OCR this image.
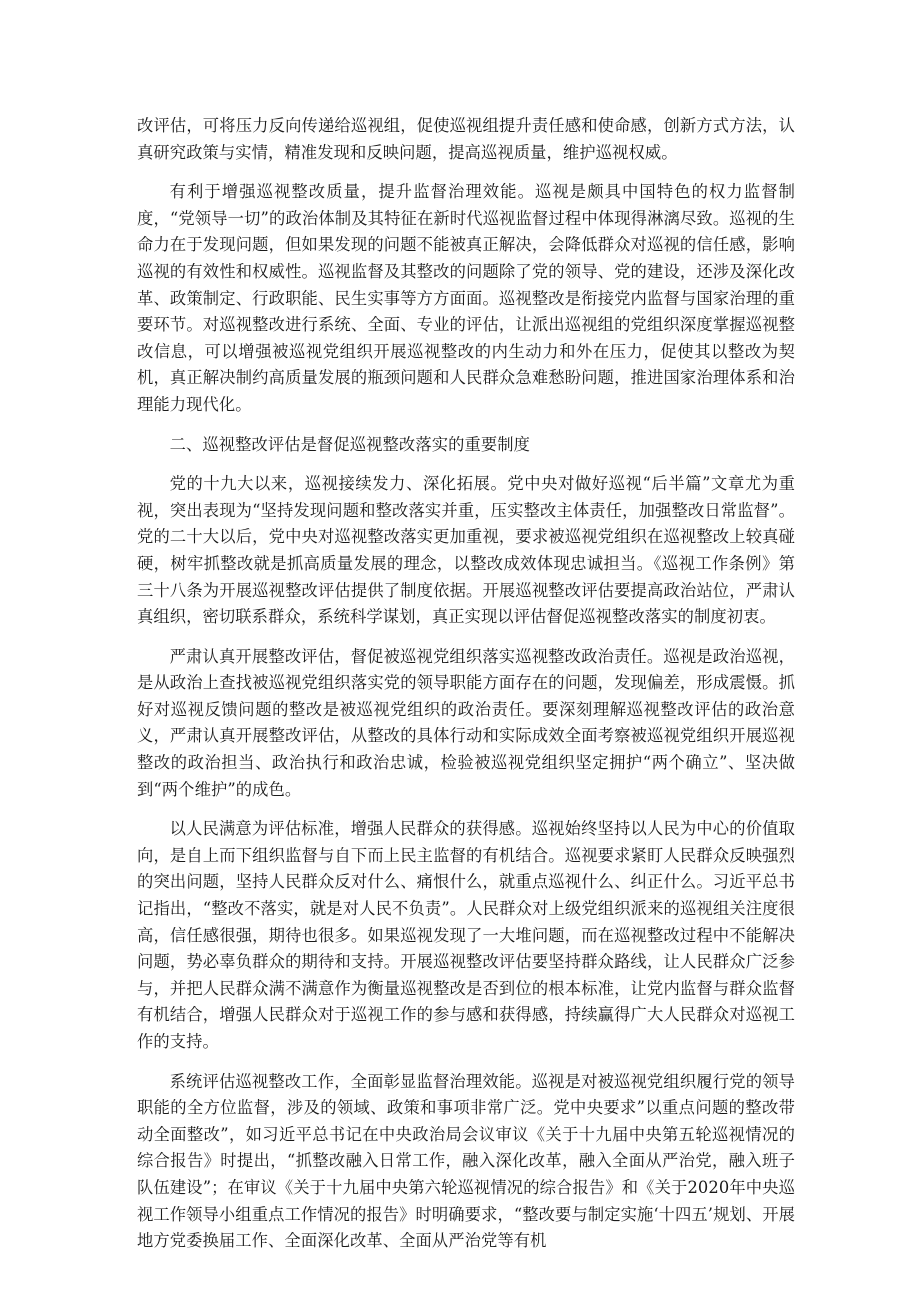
改评估，可将压力反向传递给巡视组，促使巡视组提升责任感和使命感，创新方式方法，认真研究政策与实情，精准发现和反映问题，提高巡视质量，维护巡视权威。

有利于增强巡视整改质量，提升监督治理效能。巡视是颇具中国特色的权力监督制度，“党领导一切”的政治体制及其特征在新时代巡视监督过程中体现得淋漓尽致。巡视的生命力在于发现问题，但如果发现的问题不能被真正解决，会降低群众对巡视的信任感，影响巡视的有效性和权威性。巡视监督及其整改的问题除了党的领导、党的建设，还涉及深化改革、政策制定、行政职能、民生实事等方方面面。巡视整改是衔接党内监督与国家治理的重要环节。对巡视整改进行系统、全面、专业的评估，让派出巡视组的党组织深度掌握巡视整改信息，可以增强被巡视党组织开展巡视整改的内生动力和外在压力，促使其以整改为契机，真正解决制约高质量发展的瓶颈问题和人民群众急难愁盼问题，推进国家治理体系和治理能力现代化。

二、巡视整改评估是督促巡视整改落实的重要制度

党的十九大以来，巡视接续发力、深化拓展。党中央对做好巡视“后半篇”文章尤为重视，突出表现为“坚持发现问题和整改落实并重，压实整改主体责任，加强整改日常监督”。党的二十大以后，党中央对巡视整改落实更加重视，要求被巡视党组织在巡视整改上较真碰硬，树牢抓整改就是抓高质量发展的理念，以整改成效体现忠诚担当。《巡视工作条例》第三十八条为开展巡视整改评估提供了制度依据。开展巡视整改评估要提高政治站位，严肃认真组织，密切联系群众，系统科学谋划，真正实现以评估督促巡视整改落实的制度初衷。

严肃认真开展整改评估，督促被巡视党组织落实巡视整改政治责任。巡视是政治巡视，是从政治上查找被巡视党组织落实党的领导职能方面存在的问题，发现偏差，形成震慑。抓好对巡视反馈问题的整改是被巡视党组织的政治责任。要深刻理解巡视整改评估的政治意义，严肃认真开展整改评估，从整改的具体行动和实际成效全面考察被巡视党组织开展巡视整改的政治担当、政治执行和政治忠诚，检验被巡视党组织坚定拥护“两个确立”、坚决做到“两个维护”的成色。

以人民满意为评估标准，增强人民群众的获得感。巡视始终坚持以人民为中心的价值取向，是自上而下组织监督与自下而上民主监督的有机结合。巡视要求紧盯人民群众反映强烈的突出问题，坚持人民群众反对什么、痛恨什么，就重点巡视什么、纠正什么。习近平总书记指出，“整改不落实，就是对人民不负责”。人民群众对上级党组织派来的巡视组关注度很高，信任感很强，期待也很多。如果巡视发现了一大堆问题，而在巡视整改过程中不能解决问题，势必辜负群众的期待和支持。开展巡视整改评估要坚持群众路线，让人民群众广泛参与，并把人民群众满不满意作为衡量巡视整改是否到位的根本标准，让党内监督与群众监督有机结合，增强人民群众对于巡视工作的参与感和获得感，持续赢得广大人民群众对巡视工作的支持。

系统评估巡视整改工作，全面彰显监督治理效能。巡视是对被巡视党组织履行党的领导职能的全方位监督，涉及的领域、政策和事项非常广泛。党中央要求”以重点问题的整改带动全面整改”，如习近平总书记在中央政治局会议审议《关于十九届中央第五轮巡视情况的综合报告》时提出，“抓整改融入日常工作，融入深化改革，融入全面从严治党，融入班子队伍建设”；在审议《关于十九届中央第六轮巡视情况的综合报告》和《关于2020年中央巡视工作领导小组重点工作情况的报告》时明确要求，“整改要与制定实施‘十四五’规划、开展地方党委换届工作、全面深化改革、全面从严治党等有机
